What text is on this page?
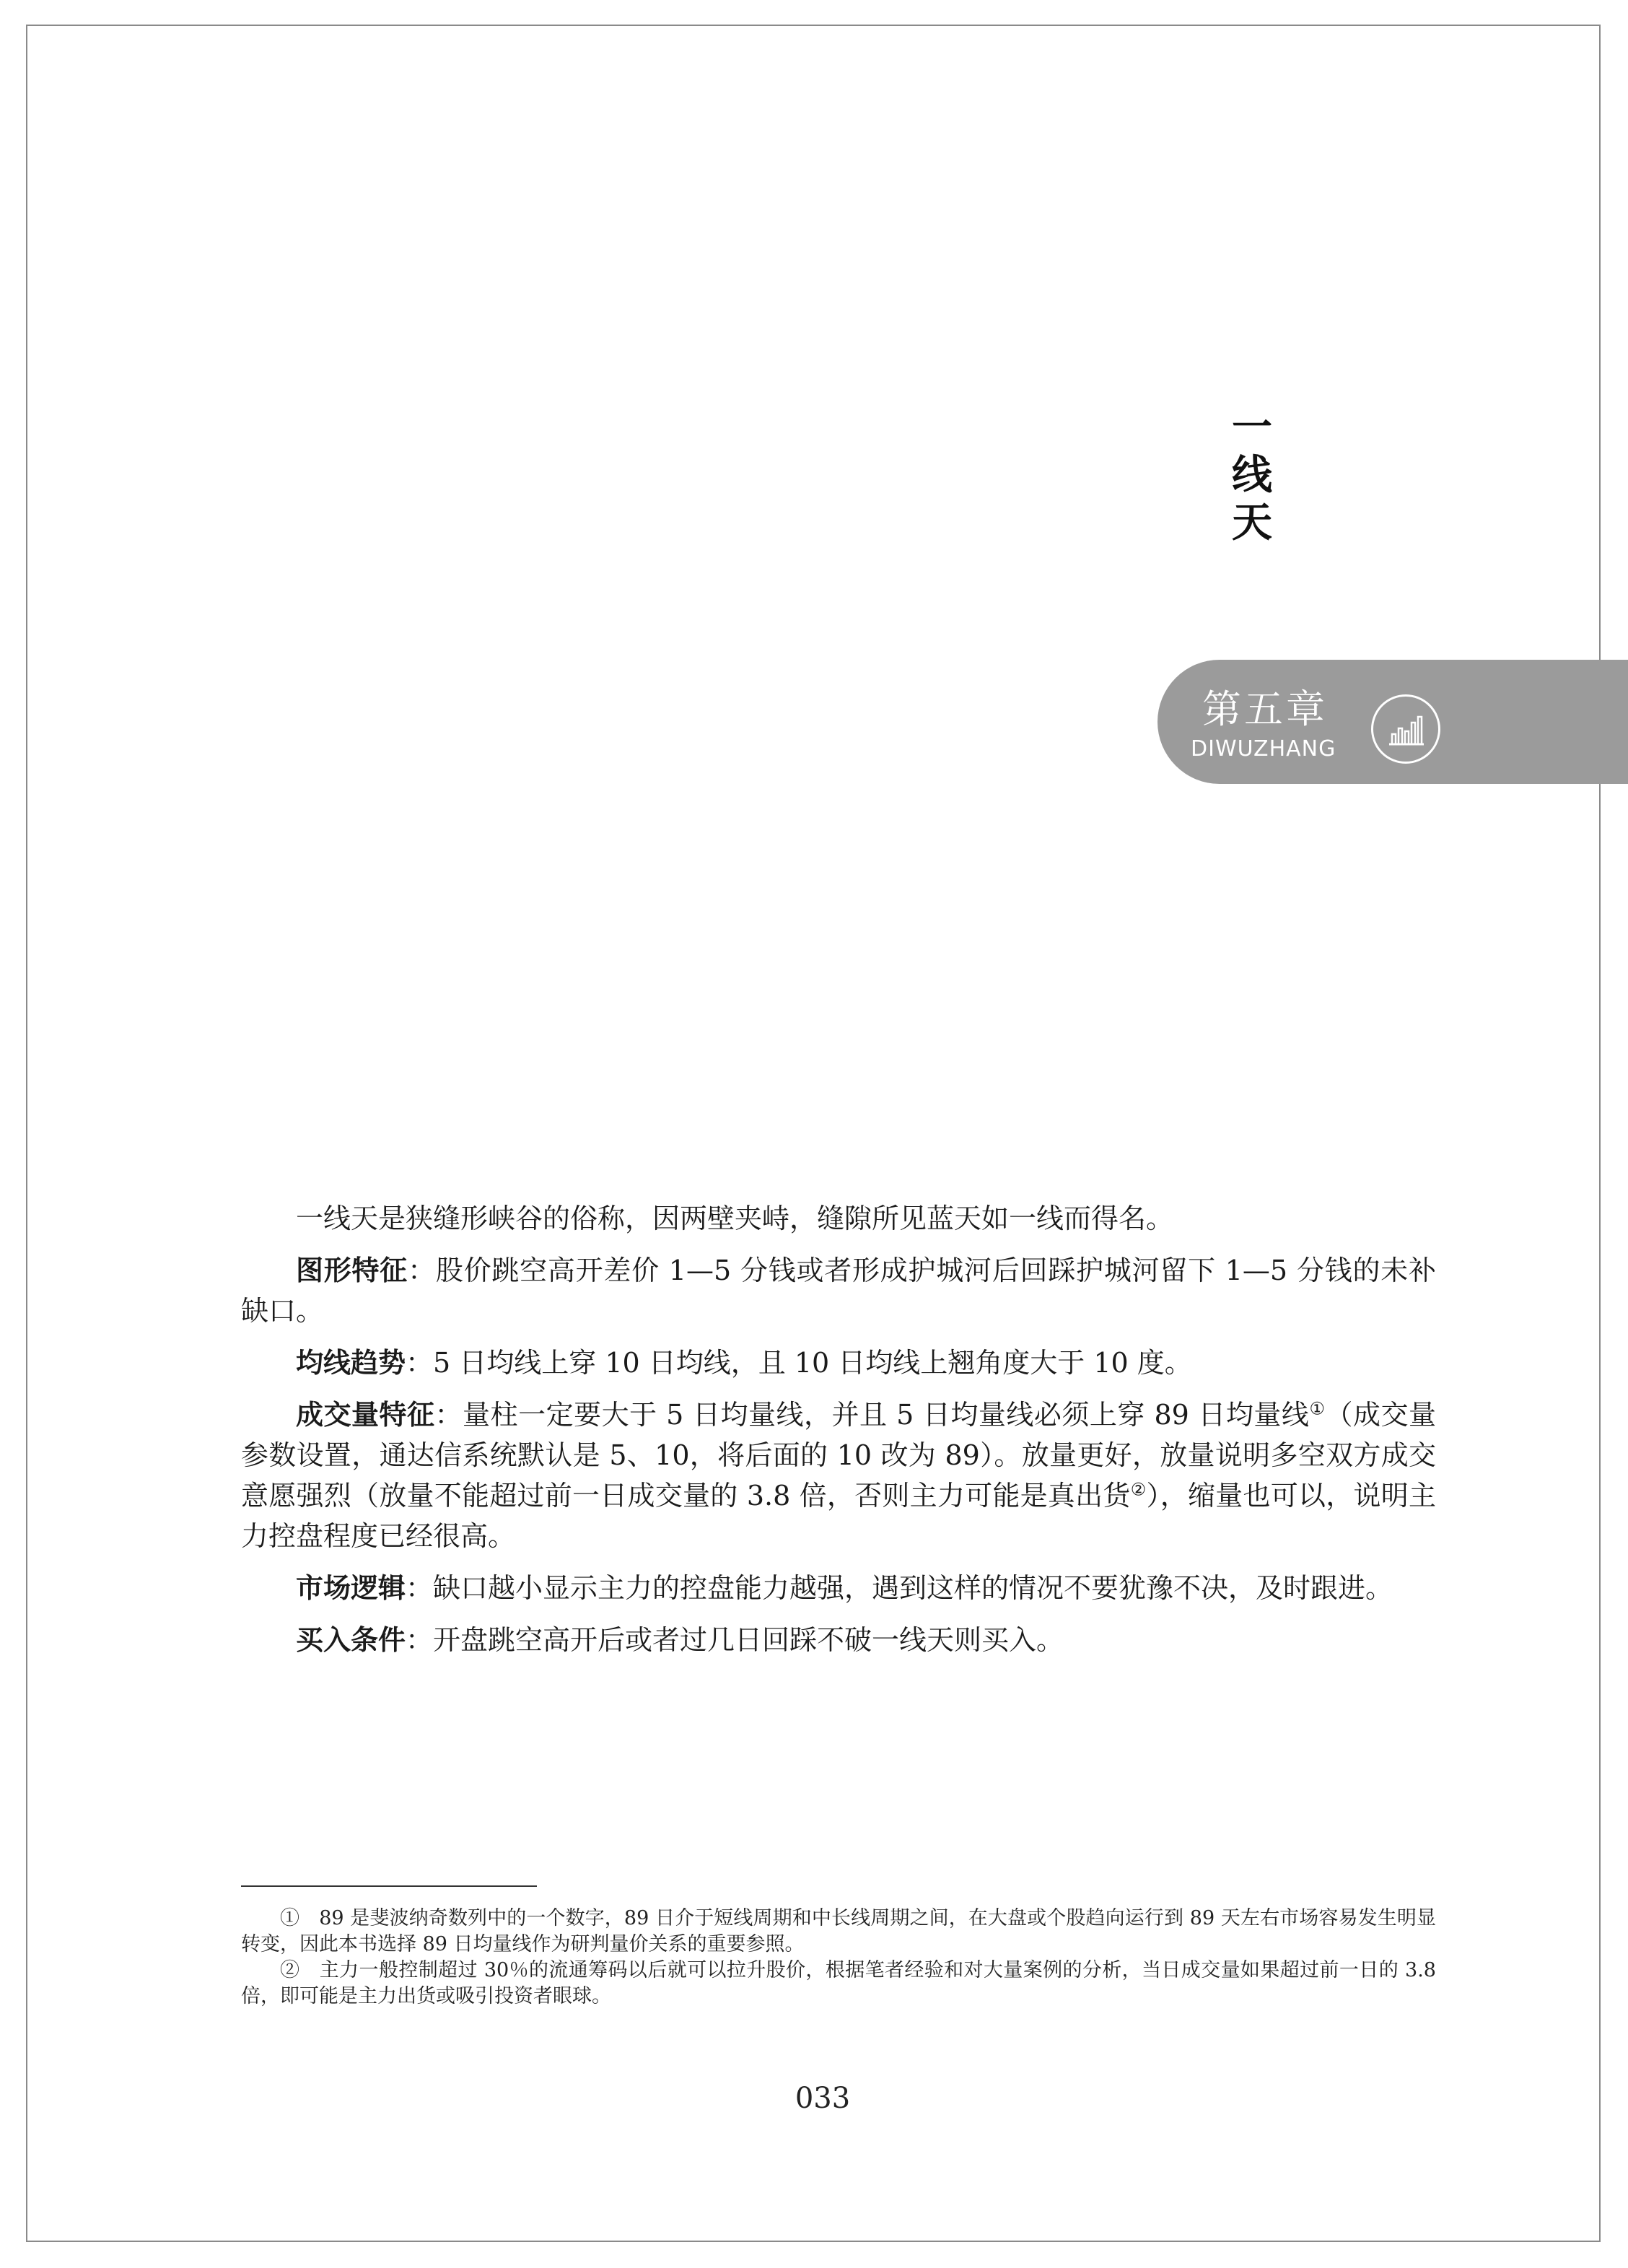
一
线
天
第五章
DIWUZHANG

一线天是狭缝形峡谷的俗称，因两壁夹峙，缝隙所见蓝天如一线而得名。

图形特征：股价跳空高开差价 1—5 分钱或者形成护城河后回踩护城河留下 1—5 分钱的未补缺口。

均线趋势：5 日均线上穿 10 日均线，且 10 日均线上翘角度大于 10 度。

成交量特征：量柱一定要大于 5 日均量线，并且 5 日均量线必须上穿 89 日均量线①（成交量参数设置，通达信系统默认是 5、10，将后面的 10 改为 89）。放量更好，放量说明多空双方成交意愿强烈（放量不能超过前一日成交量的 3.8 倍，否则主力可能是真出货②），缩量也可以，说明主力控盘程度已经很高。

市场逻辑：缺口越小显示主力的控盘能力越强，遇到这样的情况不要犹豫不决，及时跟进。

买入条件：开盘跳空高开后或者过几日回踩不破一线天则买入。

①　89 是斐波纳奇数列中的一个数字，89 日介于短线周期和中长线周期之间，在大盘或个股趋向运行到 89 天左右市场容易发生明显转变，因此本书选择 89 日均量线作为研判量价关系的重要参照。

②　主力一般控制超过 30％的流通筹码以后就可以拉升股价，根据笔者经验和对大量案例的分析，当日成交量如果超过前一日的 3.8 倍，即可能是主力出货或吸引投资者眼球。

033
